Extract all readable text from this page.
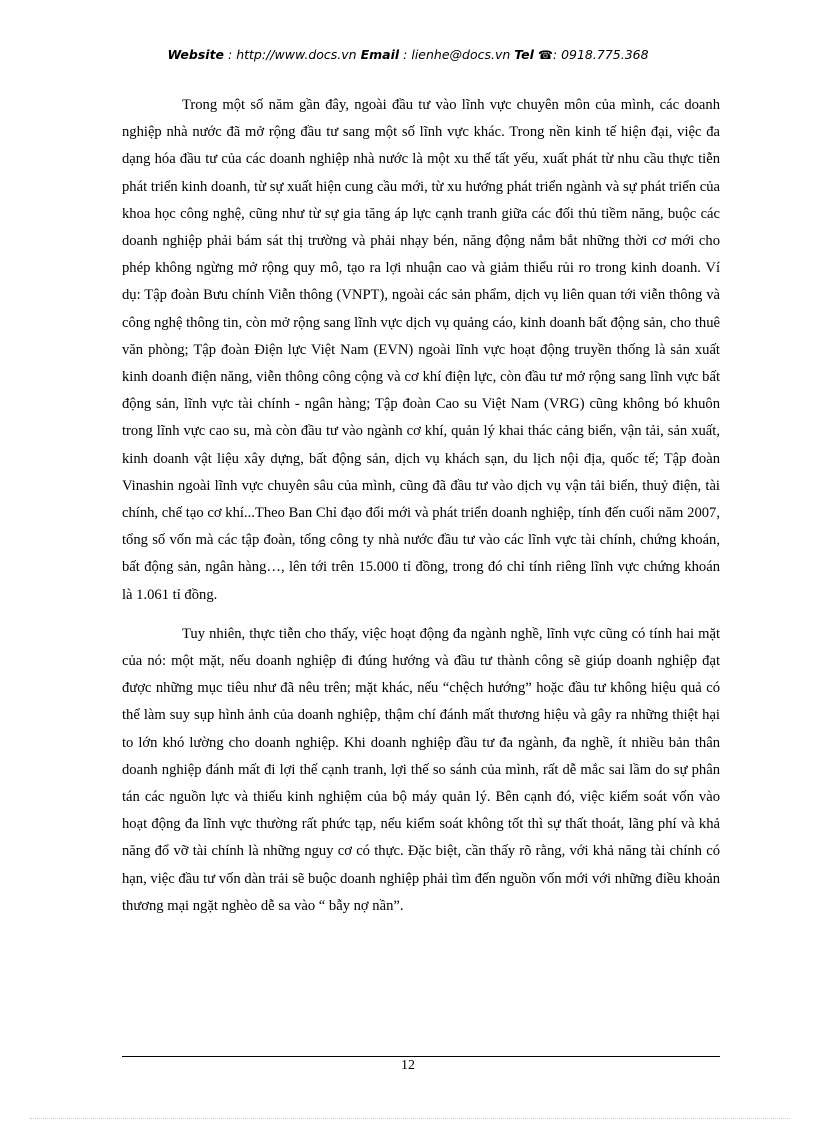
Website : http://www.docs.vn Email : lienhe@docs.vn Tel ☎: 0918.775.368

Trong một số năm gần đây, ngoài đầu tư vào lĩnh vực chuyên môn của mình, các doanh nghiệp nhà nước đã mở rộng đầu tư sang một số lĩnh vực khác. Trong nền kinh tế hiện đại, việc đa dạng hóa đầu tư của các doanh nghiệp nhà nước là một xu thế tất yếu, xuất phát từ nhu cầu thực tiễn phát triển kinh doanh, từ sự xuất hiện cung cầu mới, từ xu hướng phát triển ngành và sự phát triển của khoa học công nghệ, cũng như từ sự gia tăng áp lực cạnh tranh giữa các đối thủ tiềm năng, buộc các doanh nghiệp phải bám sát thị trường và phải nhạy bén, năng động nắm bắt những thời cơ mới cho phép không ngừng mở rộng quy mô, tạo ra lợi nhuận cao và giảm thiểu rủi ro trong kinh doanh. Ví dụ: Tập đoàn Bưu chính Viễn thông (VNPT), ngoài các sản phẩm, dịch vụ liên quan tới viễn thông và công nghệ thông tin, còn mở rộng sang lĩnh vực dịch vụ quảng cáo, kinh doanh bất động sản, cho thuê văn phòng; Tập đoàn Điện lực Việt Nam (EVN) ngoài lĩnh vực hoạt động truyền thống là sản xuất kinh doanh điện năng, viễn thông công cộng và cơ khí điện lực, còn đầu tư mở rộng sang lĩnh vực bất động sản, lĩnh vực tài chính - ngân hàng; Tập đoàn Cao su Việt Nam (VRG) cũng không bó khuôn trong lĩnh vực cao su, mà còn đầu tư vào ngành cơ khí, quản lý khai thác cảng biển, vận tải, sản xuất, kinh doanh vật liệu xây dựng, bất động sản, dịch vụ khách sạn, du lịch nội địa, quốc tế; Tập đoàn Vinashin ngoài lĩnh vực chuyên sâu của mình, cũng đã đầu tư vào dịch vụ vận tải biển, thuỷ điện, tài chính, chế tạo cơ khí...Theo Ban Chỉ đạo đổi mới và phát triển doanh nghiệp, tính đến cuối năm 2007, tổng số vốn mà các tập đoàn, tổng công ty nhà nước đầu tư vào các lĩnh vực tài chính, chứng khoán, bất động sản, ngân hàng…, lên tới trên 15.000 tỉ đồng, trong đó chỉ tính riêng lĩnh vực chứng khoán là 1.061 tỉ đồng.

Tuy nhiên, thực tiễn cho thấy, việc hoạt động đa ngành nghề, lĩnh vực cũng có tính hai mặt của nó: một mặt, nếu doanh nghiệp đi đúng hướng và đầu tư thành công sẽ giúp doanh nghiệp đạt được những mục tiêu như đã nêu trên; mặt khác, nếu “chệch hướng” hoặc đầu tư không hiệu quả có thể làm suy sụp hình ảnh của doanh nghiệp, thậm chí đánh mất thương hiệu và gây ra những thiệt hại to lớn khó lường cho doanh nghiệp. Khi doanh nghiệp đầu tư đa ngành, đa nghề, ít nhiều bản thân doanh nghiệp đánh mất đi lợi thế cạnh tranh, lợi thế so sánh của mình, rất dễ mắc sai lầm do sự phân tán các nguồn lực và thiếu kinh nghiệm của bộ máy quản lý. Bên cạnh đó, việc kiểm soát vốn vào hoạt động đa lĩnh vực thường rất phức tạp, nếu kiểm soát không tốt thì sự thất thoát, lãng phí và khả năng đổ vỡ tài chính là những nguy cơ có thực. Đặc biệt, cần thấy rõ rằng, với khả năng tài chính có hạn, việc đầu tư vốn dàn trải sẽ buộc doanh nghiệp phải tìm đến nguồn vốn mới với những điều khoản thương mại ngặt nghèo dễ sa vào “ bẫy nợ nần”.

12
